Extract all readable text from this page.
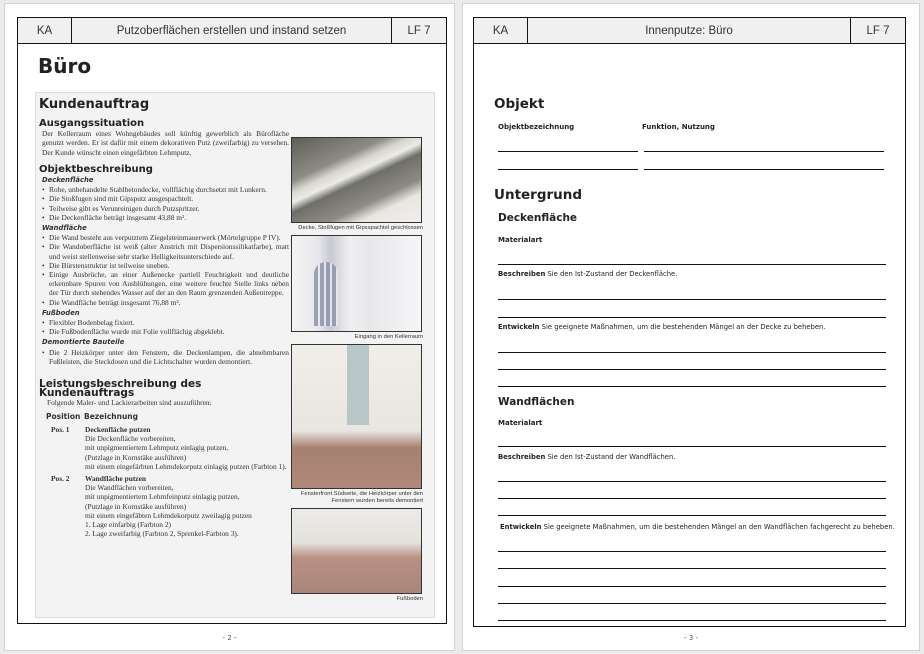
KA	Putzoberflächen erstellen und instand setzen	LF 7
Büro
Kundenauftrag
Ausgangssituation

Der Kellerraum eines Wohngebäudes soll künftig gewerblich als Bürofläche genutzt werden. Er ist dafür mit einem dekorativen Putz (zweifarbig) zu versehen. Der Kunde wünscht einen eingefärbten Lehmputz.

Objektbeschreibung
Deckenfläche
• Rohe, unbehandelte Stahlbetondecke, vollflächig durchsetzt mit Lunkern.
• Die Stoßfugen sind mit Gipsputz ausgespachtelt.
• Teilweise gibt es Verunreinigen durch Putzspritzer.
• Die Deckenfläche beträgt insgesamt 43,88 m².
Wandfläche
• Die Wand besteht aus verputztem Ziegelsteinmauerwerk (Mörtelgruppe P IV).
• Die Wandoberfläche ist weiß (alter Anstrich mit Dispersionssilikatfarbe), matt und weist stellenweise sehr starke Helligkeitsunterschiede auf.
• Die Bürstenstruktur ist teilweise uneben.
• Einige Ausbrüche, an einer Außenecke partiell Feuchtigkeit und deutliche erkennbare Spuren von Ausblühungen, eine weitere feuchte Stelle links neben der Tür durch stehendes Wasser auf der an den Raum grenzenden Außentreppe.
• Die Wandfläche beträgt insgesamt 76,88 m².
Fußboden
• Flexibler Bodenbelag fixiert.
• Die Fußbodenfläche wurde mit Folie vollflächig abgeklebt.
Demontierte Bauteile
• Die 2 Heizkörper unter den Fenstern, die Deckenlampen, die abnehmbaren Fußleisten, die Steckdosen und die Lichtschalter wurden demontiert.
Leistungsbeschreibung des Kundenauftrags
Folgende Maler- und Lackierarbeiten sind auszuführen:
Position Bezeichnung
Pos. 1	Deckenfläche putzen
Die Deckenfläche vorbereiten,
mit unpigmentiertem Lehmputz einlagig putzen,
(Putzlage in Kornstäke ausführen)
mit einem eingefärbten Lehmdekorputz einlagig putzen (Farbton 1).
Pos. 2	Wandfläche putzen
Die Wandflächen vorbereiten,
mit unpigmentiertem Lehmfeinputz einlagig putzen,
(Putzlage in Kornstäke ausführen)
mit einem eingefäbten Lehmdekorputz zweilagig putzen
1. Lage einfarbig (Farbton 2)
2. Lage zweifarbig (Farbton 2, Sprenkel-Farbton 3).
Decke, Stoßfugen mit Gipsspachtel geschlossen
Eingang in den Kellerraum
Fensterfront Südseite, die Heizkörper unter den Fenstern wurden bereits demontiert
Fußboden
- 2 -
KA	Innenputze: Büro	LF 7
Objekt
Objektbezeichnung	Funktion, Nutzung
Untergrund
Deckenfläche
Materialart
Beschreiben Sie den Ist-Zustand der Deckenfläche.
Entwickeln Sie geeignete Maßnahmen, um die bestehenden Mängel an der Decke zu beheben.
Wandflächen
Materialart
Beschreiben Sie den Ist-Zustand der Wandflächen.
Entwickeln Sie geeignete Maßnahmen, um die bestehenden Mängel an den Wandflächen fachgerecht zu beheben.
- 3 -
